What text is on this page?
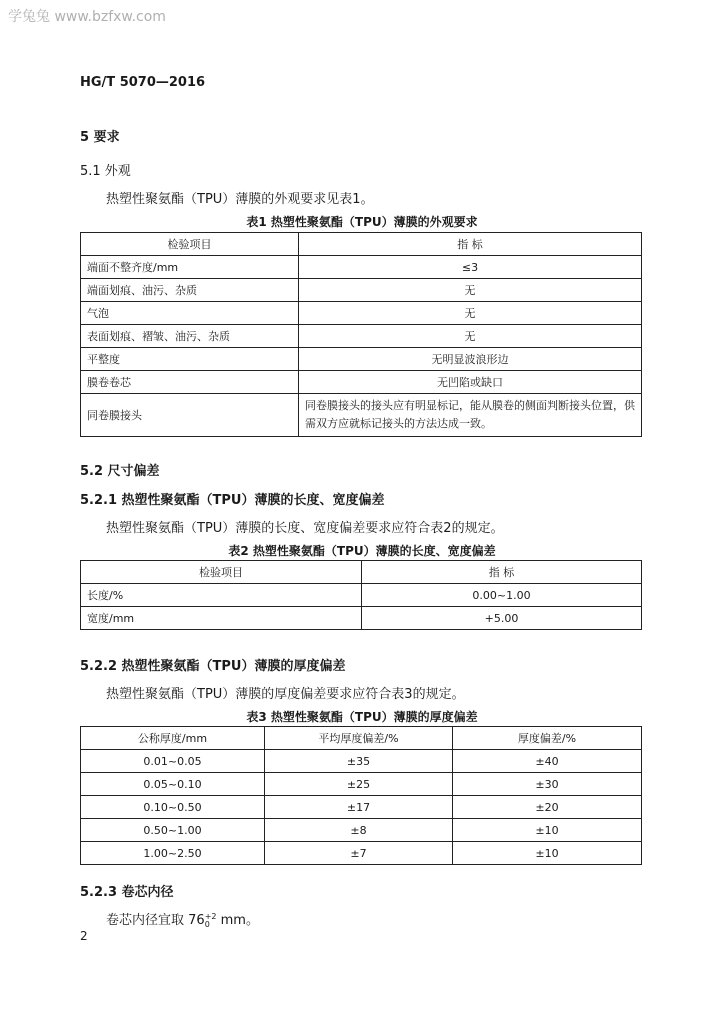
学兔兔 www.bzfxw.com
HG/T 5070—2016
5 要求
5.1 外观
热塑性聚氨酯（TPU）薄膜的外观要求见表1。
表1 热塑性聚氨酯（TPU）薄膜的外观要求
检验项目	指 标
端面不整齐度/mm	≤3
端面划痕、油污、杂质	无
气泡	无
表面划痕、褶皱、油污、杂质	无
平整度	无明显波浪形边
膜卷卷芯	无凹陷或缺口
同卷膜接头	同卷膜接头的接头应有明显标记，能从膜卷的侧面判断接头位置，供需双方应就标记接头的方法达成一致。
5.2 尺寸偏差
5.2.1 热塑性聚氨酯（TPU）薄膜的长度、宽度偏差
热塑性聚氨酯（TPU）薄膜的长度、宽度偏差要求应符合表2的规定。
表2 热塑性聚氨酯（TPU）薄膜的长度、宽度偏差
检验项目	指 标
长度/%	0.00~1.00
宽度/mm	+5.00
5.2.2 热塑性聚氨酯（TPU）薄膜的厚度偏差
热塑性聚氨酯（TPU）薄膜的厚度偏差要求应符合表3的规定。
表3 热塑性聚氨酯（TPU）薄膜的厚度偏差
公称厚度/mm	平均厚度偏差/%	厚度偏差/%
0.01~0.05	±35	±40
0.05~0.10	±25	±30
0.10~0.50	±17	±20
0.50~1.00	±8	±10
1.00~2.50	±7	±10
5.2.3 卷芯内径
卷芯内径宜取 76 +2
0 mm。
2
